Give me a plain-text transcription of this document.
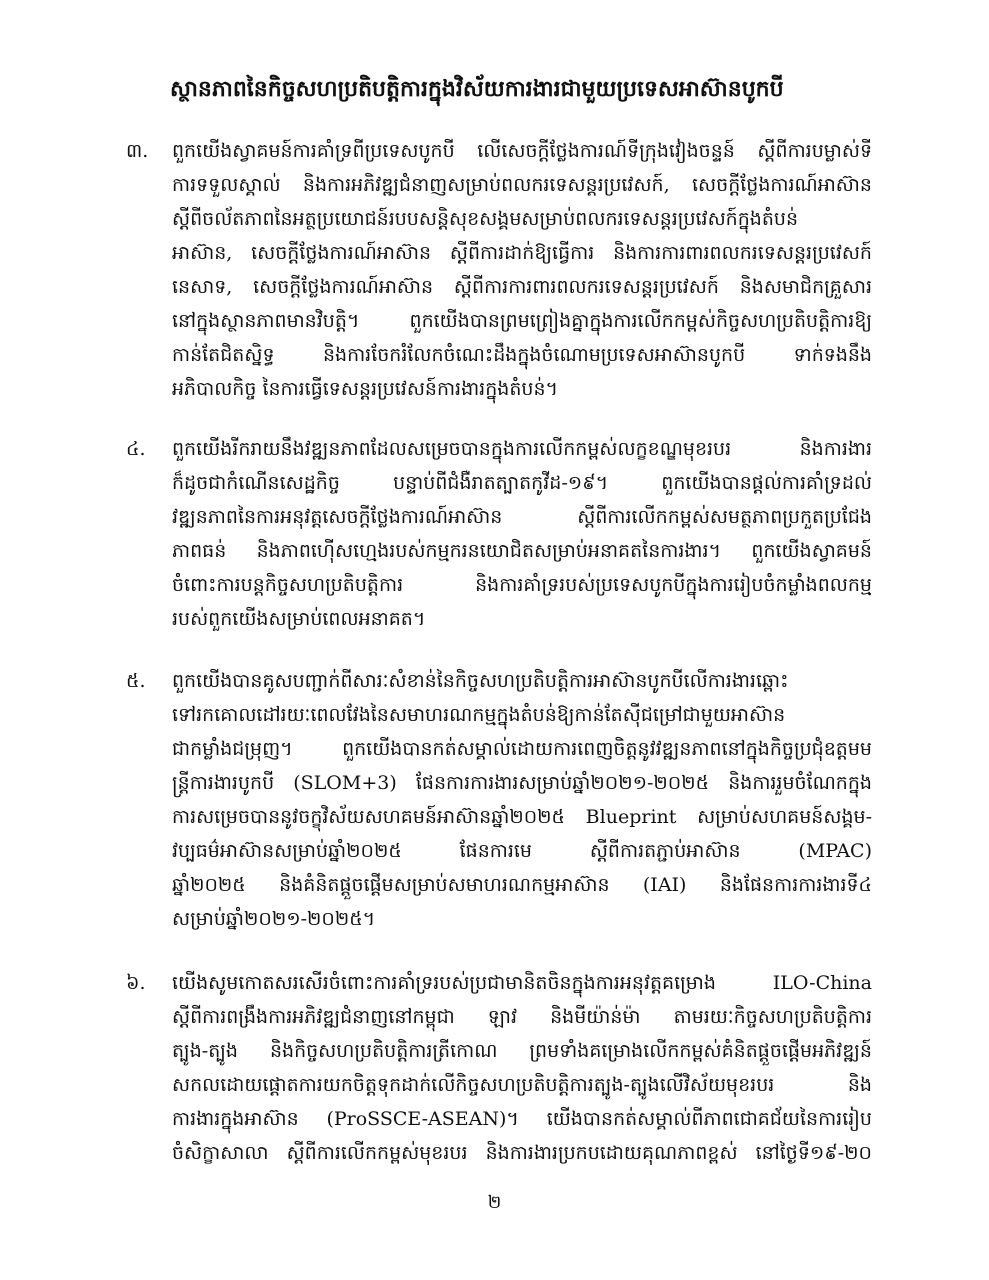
ស្ថានភាពនៃកិច្ចសហប្រតិបត្តិការក្នុងវិស័យការងារជាមួយប្រទេសអាស៊ានបូកបី
៣. ពួកយើងស្វាគមន៍ការគាំទ្រពីប្រទេសបូកបី លើសេចក្ដីថ្លែងការណ៍ទីក្រុងវៀងចន្ទន៍ ស្ដីពីការបម្លាស់ទី
ការទទួលស្គាល់ និងការអភិវឌ្ឍជំនាញសម្រាប់ពលករទេសន្តរប្រវេសក៍, សេចក្ដីថ្លែងការណ៍អាស៊ាន
ស្ដីពីចល័តភាពនៃអត្ថប្រយោជន៍របបសន្តិសុខសង្គមសម្រាប់ពលករទេសន្តរប្រវេសក៍ក្នុងតំបន់
អាស៊ាន, សេចក្ដីថ្លែងការណ៍អាស៊ាន ស្ដីពីការដាក់ឱ្យធ្វើការ និងការការពារពលករទេសន្តរប្រវេសក៍
នេសាទ, សេចក្ដីថ្លែងការណ៍អាស៊ាន ស្ដីពីការការពារពលករទេសន្តរប្រវេសក៍ និងសមាជិកគ្រួសារ
នៅក្នុងស្ថានភាពមានវិបត្តិ។ ពួកយើងបានព្រមព្រៀងគ្នាក្នុងការលើកកម្ពស់កិច្ចសហប្រតិបត្តិការឱ្យ
កាន់តែជិតស្និទ្ធ និងការចែករំលែកចំណេះដឹងក្នុងចំណោមប្រទេសអាស៊ានបូកបី ទាក់ទងនឹង
អភិបាលកិច្ច នៃការធ្វើទេសន្តរប្រវេសន៍ការងារក្នុងតំបន់។
៤. ពួកយើងរីករាយនឹងវឌ្ឍនភាពដែលសម្រេចបានក្នុងការលើកកម្ពស់លក្ខខណ្ឌមុខរបរ និងការងារ
ក៏ដូចជាកំណើនសេដ្ឋកិច្ច បន្ទាប់ពីជំងឺរាតត្បាតកូវីដ-១៩។ ពួកយើងបានផ្ដល់ការគាំទ្រដល់
វឌ្ឍនភាពនៃការអនុវត្តសេចក្ដីថ្លែងការណ៍អាស៊ាន ស្ដីពីការលើកកម្ពស់សមត្ថភាពប្រកួតប្រជែង
ភាពធន់ និងភាពហ៊ើសហ្មេងរបស់កម្មករនយោជិតសម្រាប់អនាគតនៃការងារ។ ពួកយើងស្វាគមន៍
ចំពោះការបន្តកិច្ចសហប្រតិបត្តិការ និងការគាំទ្ររបស់ប្រទេសបូកបីក្នុងការរៀបចំកម្លាំងពលកម្ម
របស់ពួកយើងសម្រាប់ពេលអនាគត។
៥. ពួកយើងបានគូសបញ្ជាក់ពីសារៈសំខាន់នៃកិច្ចសហប្រតិបត្តិការអាស៊ានបូកបីលើការងារឆ្ពោះ
ទៅរកគោលដៅរយៈពេលវែងនៃសមាហរណកម្មក្នុងតំបន់ឱ្យកាន់តែស៊ីជម្រៅជាមួយអាស៊ាន
ជាកម្លាំងជម្រុញ។ ពួកយើងបានកត់សម្គាល់ដោយការពេញចិត្តនូវវឌ្ឍនភាពនៅក្នុងកិច្ចប្រជុំឧត្តមម
ន្ត្រីការងារបូកបី (SLOM+3) ផែនការការងារសម្រាប់ឆ្នាំ២០២១-២០២៥ និងការរួមចំណែកក្នុង
ការសម្រេចបាននូវចក្ខុវិស័យសហគមន៍អាស៊ានឆ្នាំ២០២៥ Blueprint សម្រាប់សហគមន៍សង្គម-
វប្បធម៌អាស៊ានសម្រាប់ឆ្នាំ២០២៥ ផែនការមេ ស្ដីពីការតភ្ជាប់អាស៊ាន (MPAC)
ឆ្នាំ២០២៥ និងគំនិតផ្ដួចផ្ដើមសម្រាប់សមាហរណកម្មអាស៊ាន (IAI) និងផែនការការងារទី៤
សម្រាប់ឆ្នាំ២០២១-២០២៥។
៦. យើងសូមកោតសរសើរចំពោះការគាំទ្ររបស់ប្រជាមានិតចិនក្នុងការអនុវត្តគម្រោង ILO-China
ស្ដីពីការពង្រឹងការអភិវឌ្ឍជំនាញនៅកម្ពុជា ឡាវ និងមីយ៉ាន់ម៉ា តាមរយៈកិច្ចសហប្រតិបត្តិការ
ត្បូង-ត្បូង និងកិច្ចសហប្រតិបត្តិការត្រីកោណ ព្រមទាំងគម្រោងលើកកម្ពស់គំនិតផ្ដួចផ្ដើមអភិវឌ្ឍន៍
សកលដោយផ្ដោតការយកចិត្តទុកដាក់លើកិច្ចសហប្រតិបត្តិការត្បូង-ត្បូងលើវិស័យមុខរបរ និង
ការងារក្នុងអាស៊ាន (ProSSCE-ASEAN)។ យើងបានកត់សម្គាល់ពីភាពជោគជ័យនៃការរៀប
ចំសិក្ខាសាលា ស្ដីពីការលើកកម្ពស់មុខរបរ និងការងារប្រកបដោយគុណភាពខ្ពស់ នៅថ្ងៃទី១៩-២០
២
